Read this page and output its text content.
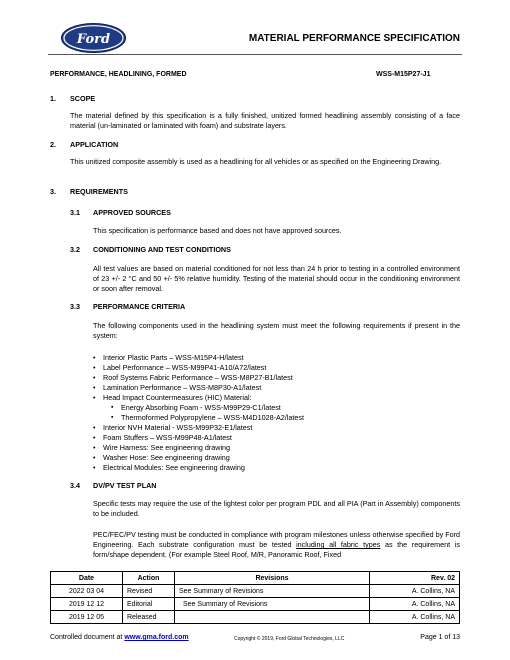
Ford	MATERIAL PERFORMANCE SPECIFICATION
PERFORMANCE, HEADLINING, FORMED	WSS-M15P27-J1
1. SCOPE

The material defined by this specification is a fully finished, unitized formed headlining assembly consisting of a face material (un-laminated or laminated with foam) and substrate layers.

2. APPLICATION

This unitized composite assembly is used as a headlining for all vehicles or as specified on the Engineering Drawing.

3. REQUIREMENTS
3.1 APPROVED SOURCES

This specification is performance based and does not have approved sources.

3.2 CONDITIONING AND TEST CONDITIONS

All test values are based on material conditioned for not less than 24 h prior to testing in a controlled environment of 23 +/- 2 °C and 50 +/- 5% relative humidity. Testing of the material should occur in the conditioning environment or soon after removal.

3.3 PERFORMANCE CRITERIA

The following components used in the headlining system must meet the following requirements if present in the system:

• Interior Plastic Parts – WSS-M15P4-H/latest
• Label Performance – WSS-M99P41-A10/A72/latest
• Roof Systems Fabric Performance – WSS-M8P27-B1/latest
• Lamination Performance – WSS-M8P30-A1/latest
• Head Impact Countermeasures (HIC) Material:
▪ Energy Absorbing Foam - WSS-M99P29-C1/latest
▪ Thermoformed Polypropylene – WSS-M4D1028-A2/latest
• Interior NVH Material - WSS-M99P32-E1/latest
• Foam Stuffers – WSS-M99P48-A1/latest
• Wire Harness: See engineering drawing
• Washer Hose: See engineering drawing
• Electrical Modules: See engineering drawing
3.4 DV/PV TEST PLAN

Specific tests may require the use of the lightest color per program PDL and all PIA (Part in Assembly) components to be included.

PEC/FEC/PV testing must be conducted in compliance with program milestones unless otherwise specified by Ford Engineering. Each substrate configuration must be tested including all fabric types as the requirement is form/shape dependent. (For example Steel Roof, M/R, Panoramic Roof, Fixed

Date	Action	Revisions	Rev. 02
2022 03 04	Revised	See Summary of Revisions	A. Collins, NA
2019 12 12	Editorial	See Summary of Revisions	A. Collins, NA
2019 12 05	Released		A. Collins, NA
Controlled document at www.gma.ford.com	Copyright © 2019, Ford Global Technologies, LLC	Page 1 of 13
